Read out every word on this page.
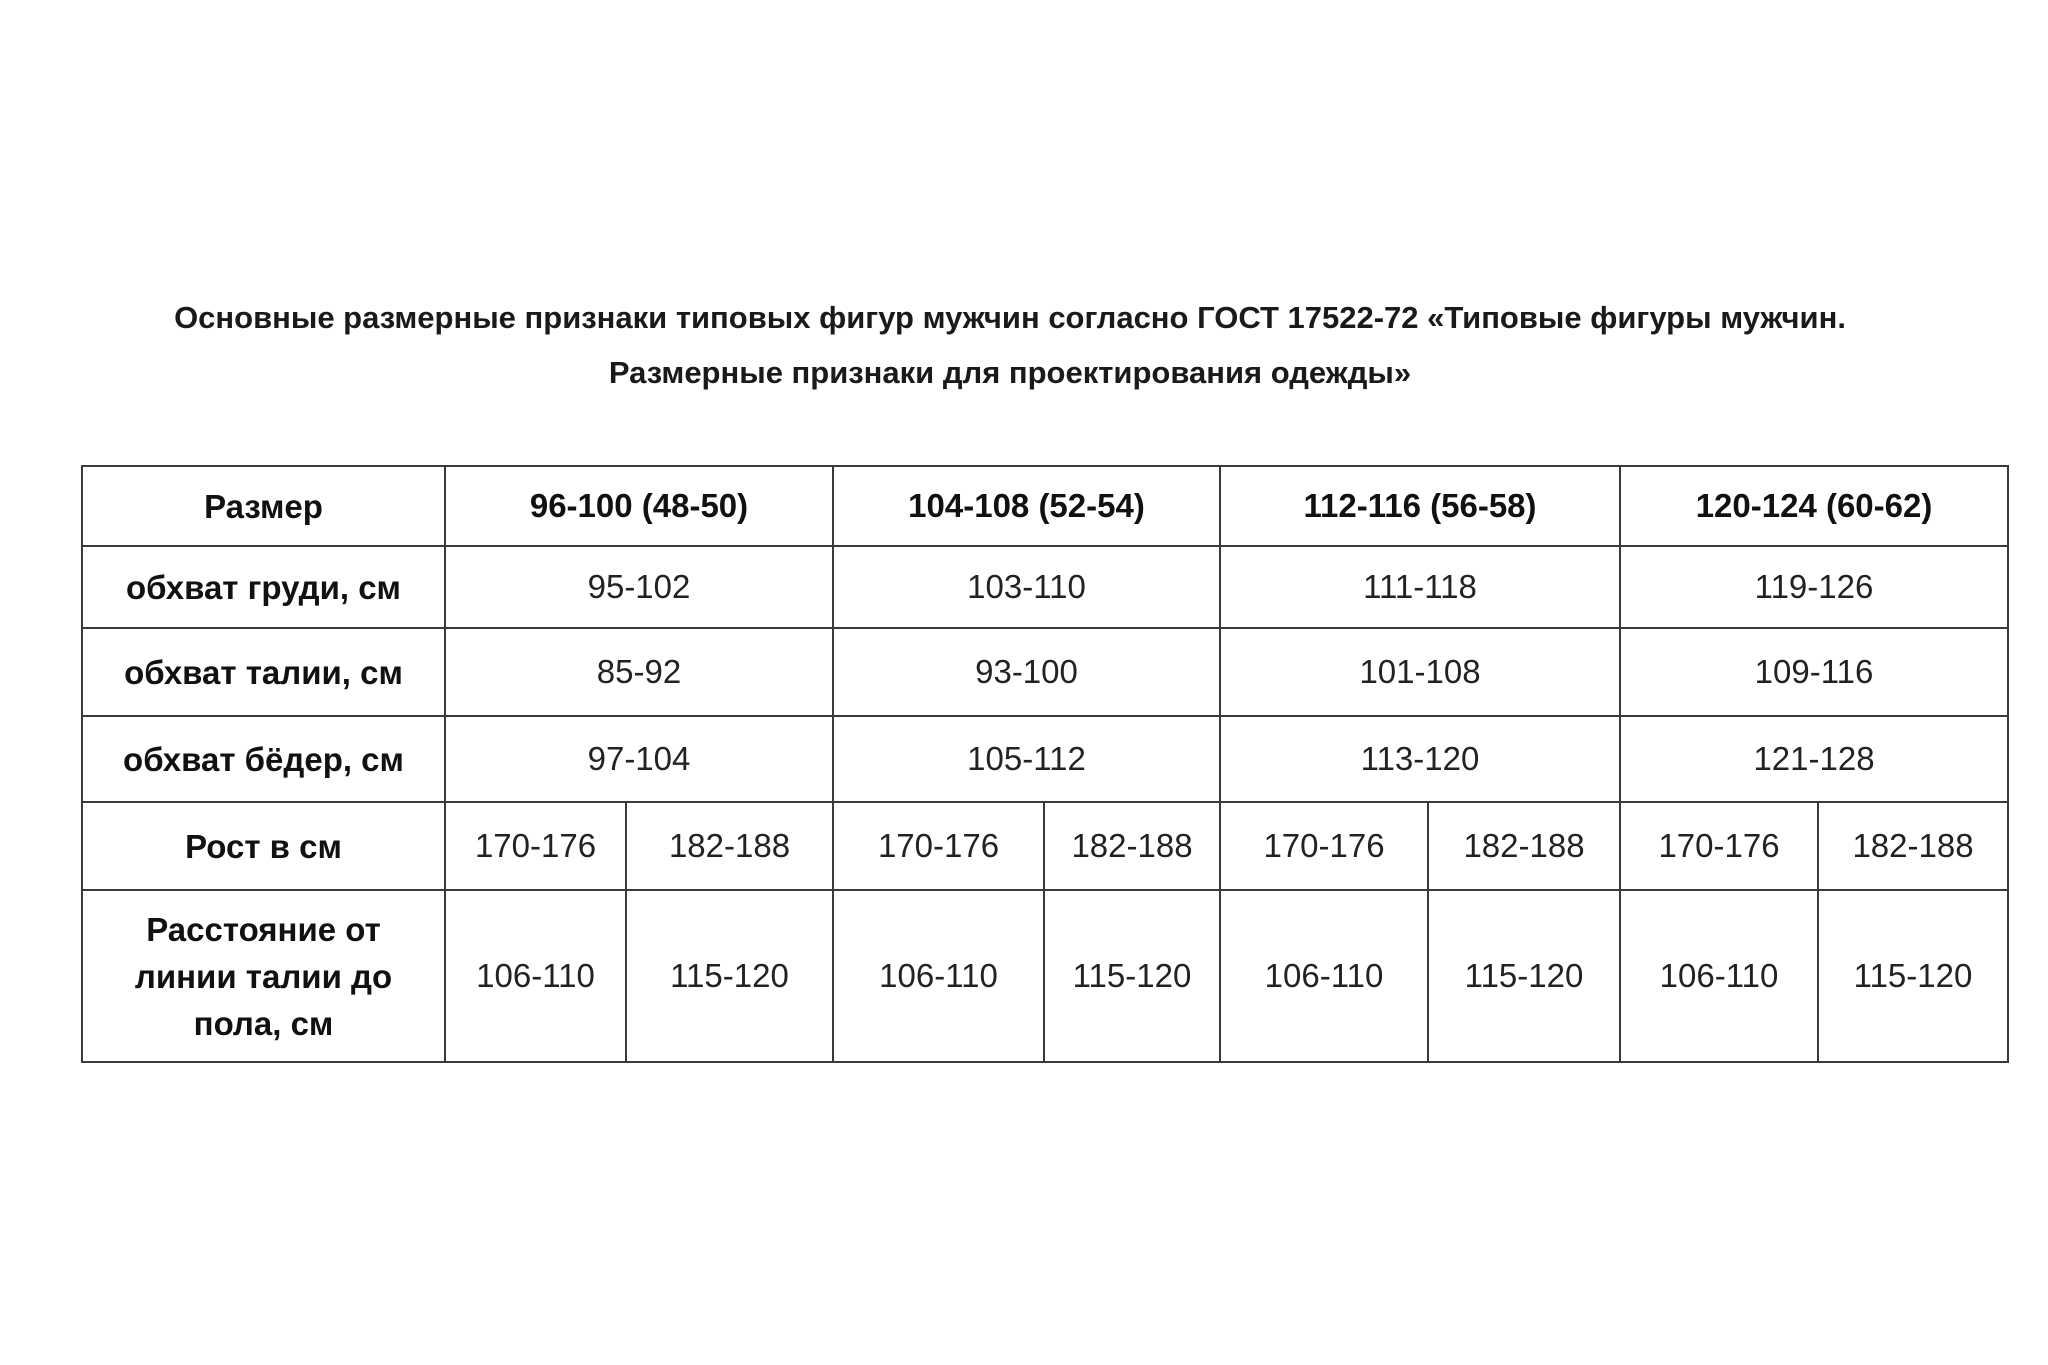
Основные размерные признаки типовых фигур мужчин согласно ГОСТ 17522-72 «Типовые фигуры мужчин.
Размерные признаки для проектирования одежды»
Размер	96-100 (48-50)		104-108 (52-54)		112-116 (56-58)		120-124 (60-62)	
обхват груди, см	95-102		103-110		111-118		119-126	
обхват талии, см	85-92		93-100		101-108		109-116	
обхват бёдер, см	97-104		105-112		113-120		121-128	
Рост в см	170-176	182-188	170-176	182-188	170-176	182-188	170-176	182-188

Расстояние от
линии талии до
пола, см	106-110	115-120	106-110	115-120	106-110	115-120	106-110	115-120
